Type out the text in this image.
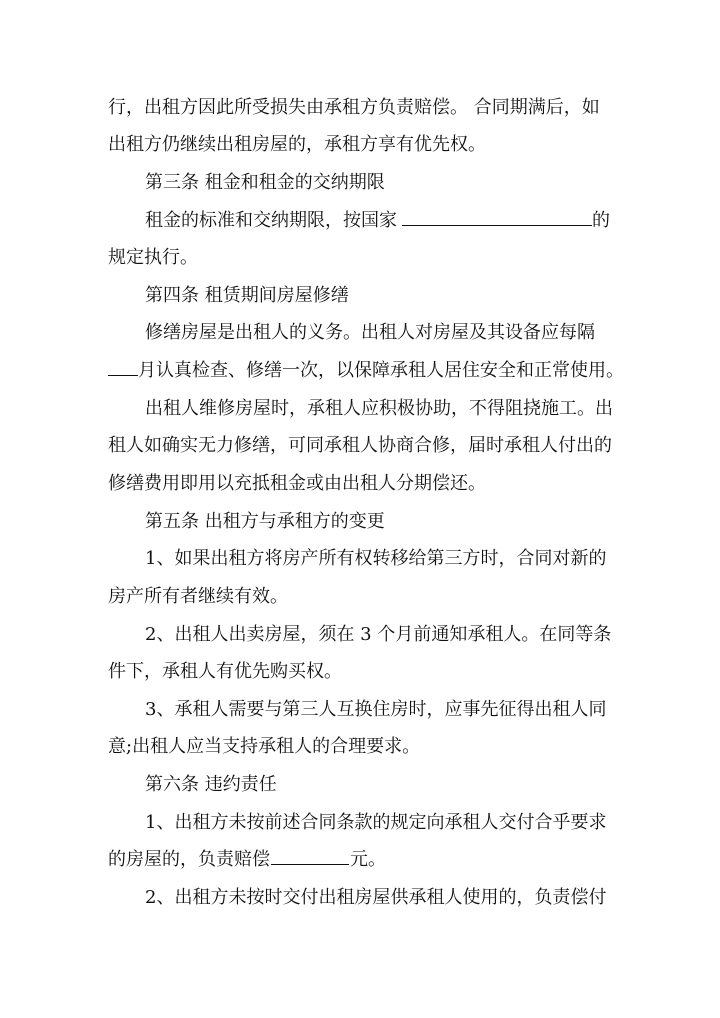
行，出租方因此所受损失由承租方负责赔偿。 合同期满后，如
出租方仍继续出租房屋的，承租方享有优先权。
第三条 租金和租金的交纳期限
租金的标准和交纳期限，按国家	的
规定执行。
第四条 租赁期间房屋修缮
修缮房屋是出租人的义务。出租人对房屋及其设备应每隔
月认真检查、修缮一次，以保障承租人居住安全和正常使用。
出租人维修房屋时，承租人应积极协助，不得阻挠施工。出
租人如确实无力修缮，可同承租人协商合修，届时承租人付出的
修缮费用即用以充抵租金或由出租人分期偿还。
第五条 出租方与承租方的变更
1、如果出租方将房产所有权转移给第三方时，合同对新的
房产所有者继续有效。
2、出租人出卖房屋，须在 3 个月前通知承租人。在同等条
件下，承租人有优先购买权。
3、承租人需要与第三人互换住房时，应事先征得出租人同
意;出租人应当支持承租人的合理要求。
第六条 违约责任
1、出租方未按前述合同条款的规定向承租人交付合乎要求
的房屋的，负责赔偿	元。
2、出租方未按时交付出租房屋供承租人使用的，负责偿付
